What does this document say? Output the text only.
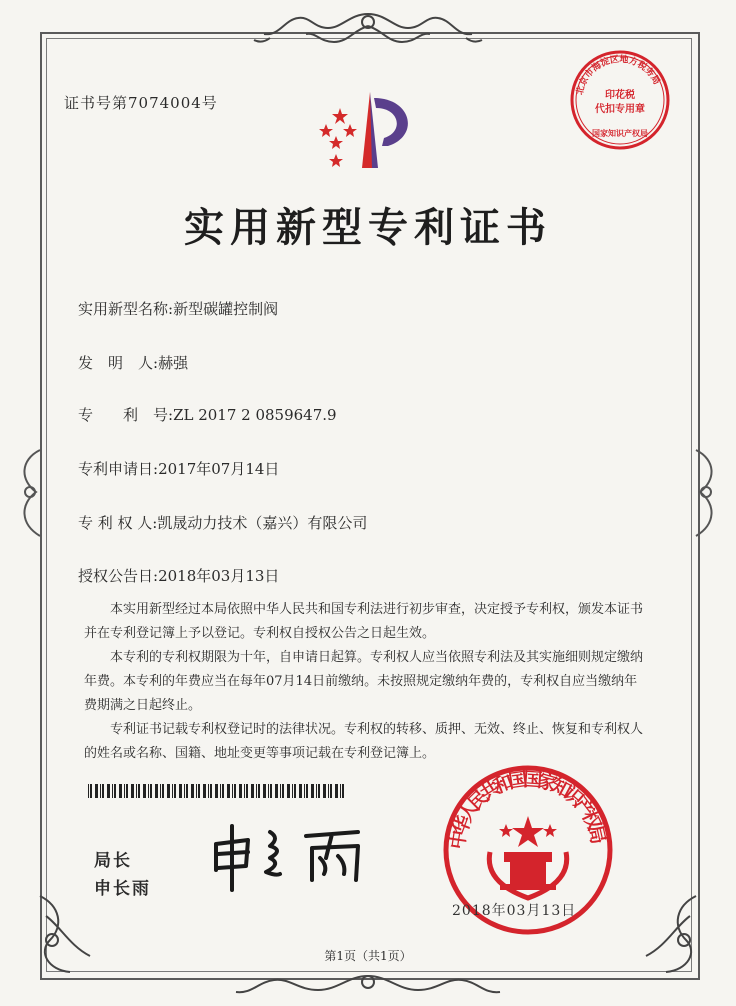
证书号第7074004号
北京市海淀区地方税务局
印花税
代扣专用章
国家知识产权局
实用新型专利证书
实用新型名称:新型碳罐控制阀
发　明　人:赫强
专　　利　号:ZL 2017 2 0859647.9
专利申请日:2017年07月14日
专 利 权 人:凯晟动力技术（嘉兴）有限公司
授权公告日:2018年03月13日
本实用新型经过本局依照中华人民共和国专利法进行初步审查，决定授予专利权，颁发本证书并在专利登记簿上予以登记。专利权自授权公告之日起生效。
本专利的专利权期限为十年，自申请日起算。专利权人应当依照专利法及其实施细则规定缴纳年费。本专利的年费应当在每年07月14日前缴纳。未按照规定缴纳年费的，专利权自应当缴纳年费期满之日起终止。
专利证书记载专利权登记时的法律状况。专利权的转移、质押、无效、终止、恢复和专利权人的姓名或名称、国籍、地址变更等事项记载在专利登记簿上。
局长
申长雨
中华人民共和国国家知识产权局
2018年03月13日
第1页（共1页）
